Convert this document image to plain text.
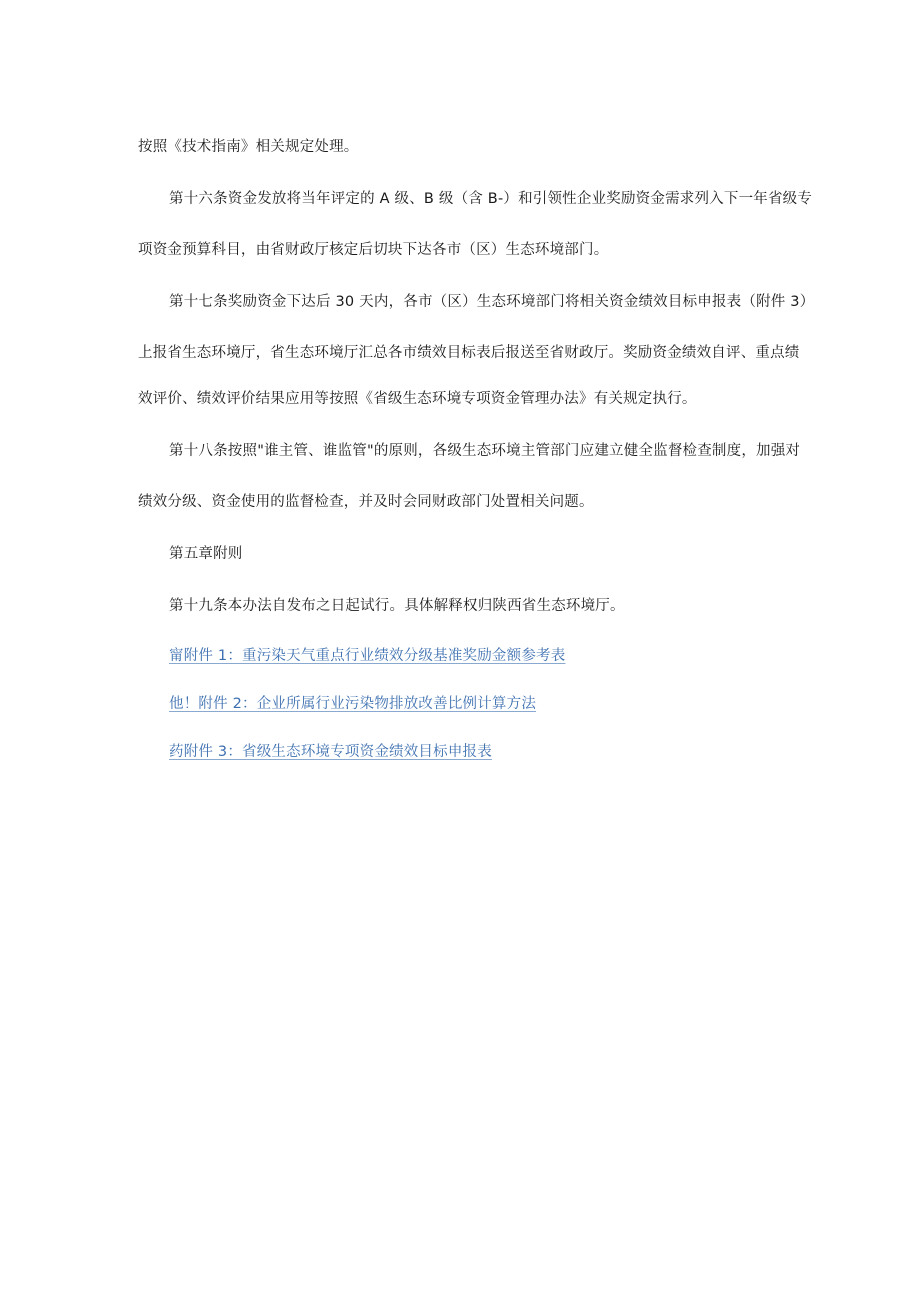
按照《技术指南》相关规定处理。
第十六条资金发放将当年评定的 A 级、B 级（含 B-）和引领性企业奖励资金需求列入下一年省级专
项资金预算科目，由省财政厅核定后切块下达各市（区）生态环境部门。
第十七条奖励资金下达后 30 天内，各市（区）生态环境部门将相关资金绩效目标申报表（附件 3）
上报省生态环境厅，省生态环境厅汇总各市绩效目标表后报送至省财政厅。奖励资金绩效自评、重点绩
效评价、绩效评价结果应用等按照《省级生态环境专项资金管理办法》有关规定执行。
第十八条按照"谁主管、谁监管"的原则，各级生态环境主管部门应建立健全监督检查制度，加强对
绩效分级、资金使用的监督检查，并及时会同财政部门处置相关问题。
第五章附则
第十九条本办法自发布之日起试行。具体解释权归陕西省生态环境厅。
甯附件 1：重污染天气重点行业绩效分级基准奖励金额参考表
他！附件 2：企业所属行业污染物排放改善比例计算方法
药附件 3：省级生态环境专项资金绩效目标申报表
